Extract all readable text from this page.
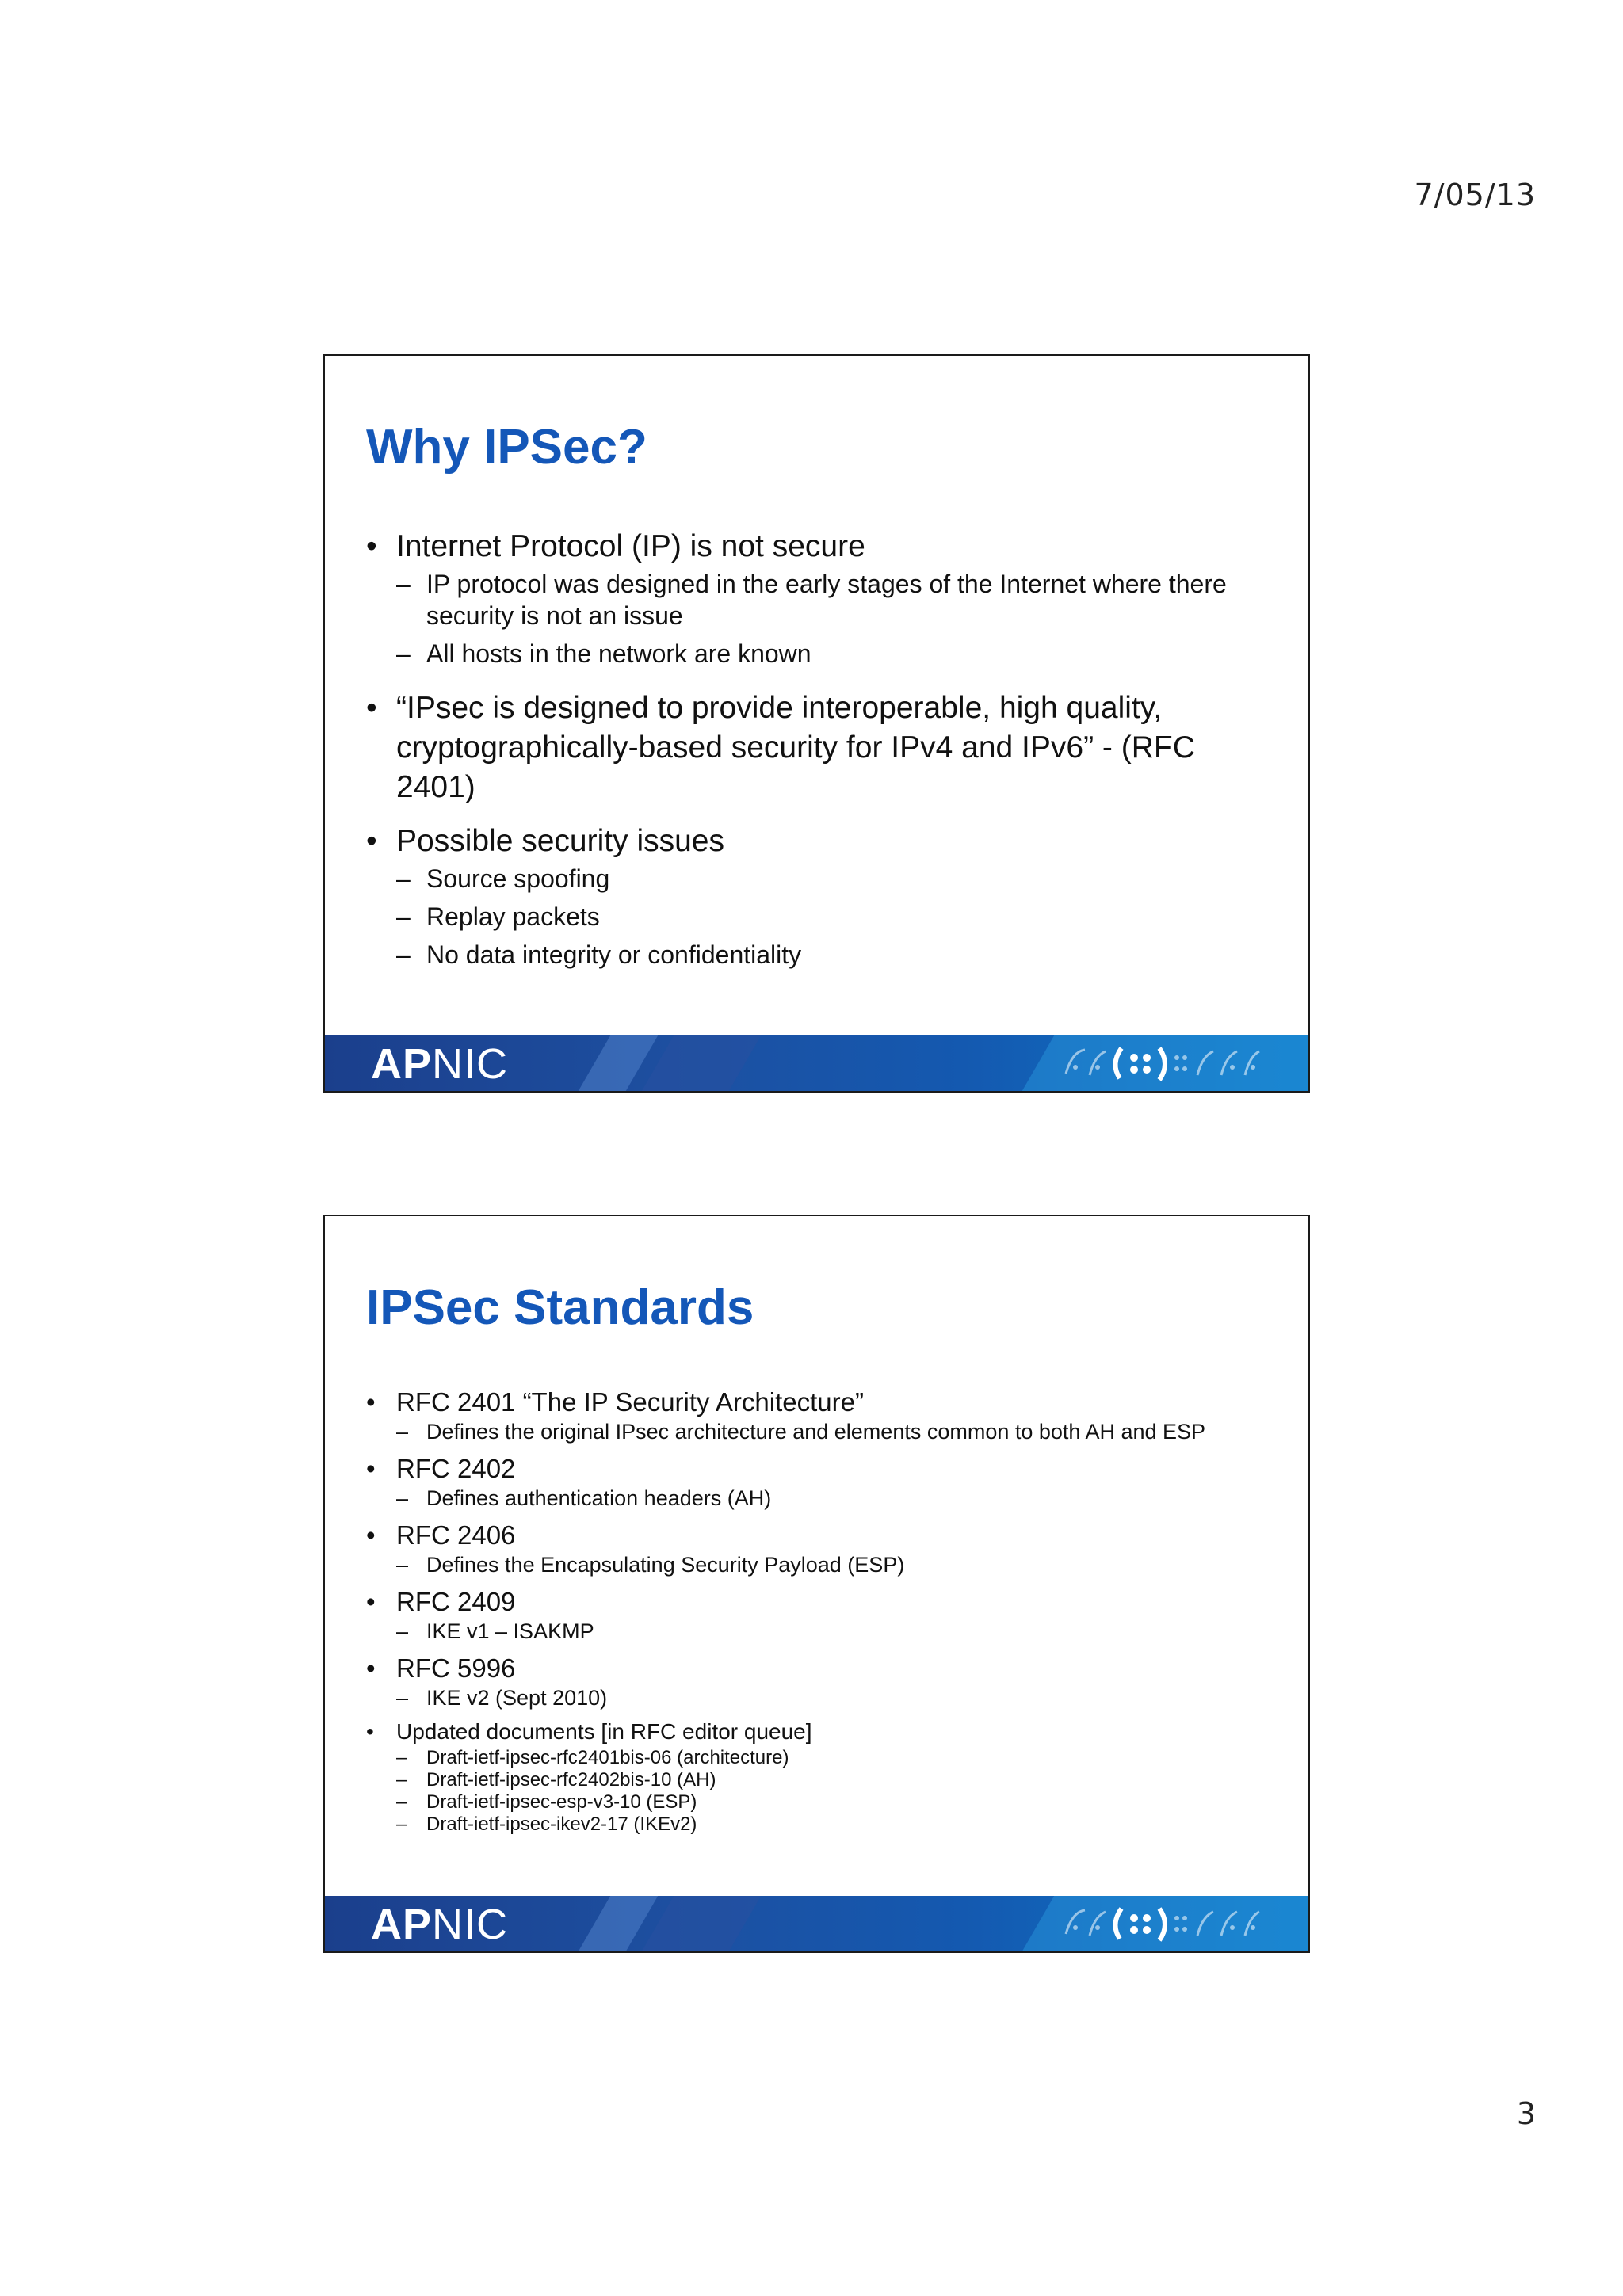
7/05/13
Why IPSec?
• Internet Protocol (IP) is not secure
– IP protocol was designed in the early stages of the Internet where there security is not an issue
– All hosts in the network are known
• “IPsec is designed to provide interoperable, high quality, cryptographically-based security for IPv4 and IPv6” - (RFC 2401)
• Possible security issues
– Source spoofing
– Replay packets
– No data integrity or confidentiality
APNIC
IPSec Standards
• RFC 2401 “The IP Security Architecture”
– Defines the original IPsec architecture and elements common to both AH and ESP
• RFC 2402
– Defines authentication headers (AH)
• RFC 2406
– Defines the Encapsulating Security Payload (ESP)
• RFC 2409
– IKE v1 – ISAKMP
• RFC 5996
– IKE v2 (Sept 2010)
• Updated documents [in RFC editor queue]
– Draft-ietf-ipsec-rfc2401bis-06 (architecture)
– Draft-ietf-ipsec-rfc2402bis-10 (AH)
– Draft-ietf-ipsec-esp-v3-10 (ESP)
– Draft-ietf-ipsec-ikev2-17 (IKEv2)
APNIC
3
